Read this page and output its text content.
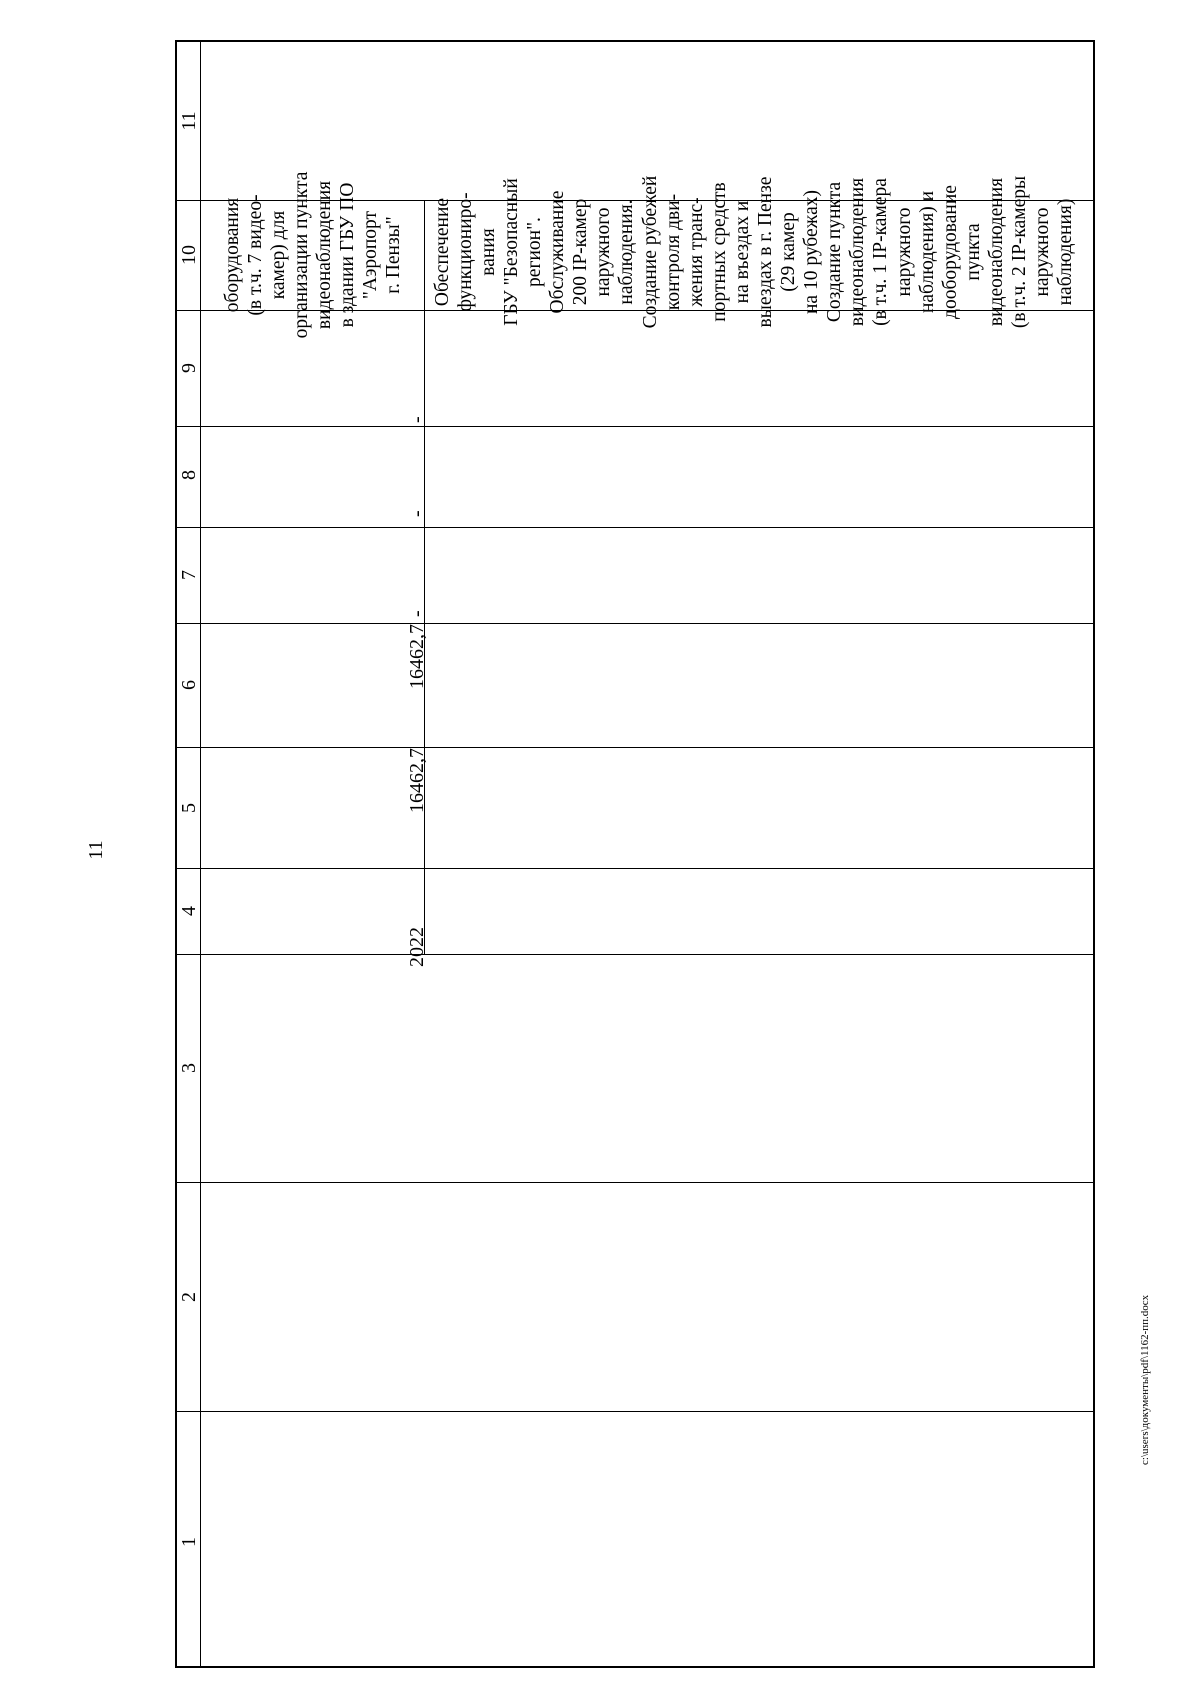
11
1
2
3
4
5
6
7
8
9
10
11
оборудования
(в т.ч. 7 видео-
камер) для
организации пункта
видеонаблюдения
в здании ГБУ ПО
"Аэропорт
г. Пензы"
2022
16462,7
16462,7
-
-
-
Обеспечение
функциониро-
вания
ГБУ "Безопасный
регион".
Обслуживание
200 IP-камер
наружного
наблюдения.
Создание рубежей
контроля дви-
жения транс-
портных средств
на въездах и
выездах в г. Пензе
(29 камер
на 10 рубежах)
Создание пункта
видеонаблюдения
(в т.ч. 1 IP-камера
наружного
наблюдения) и
дооборудование
пункта
видеонаблюдения
(в т.ч. 2 IP-камеры
наружного
наблюдения)
c:\users\документы\pdf\1162-пп.docx
